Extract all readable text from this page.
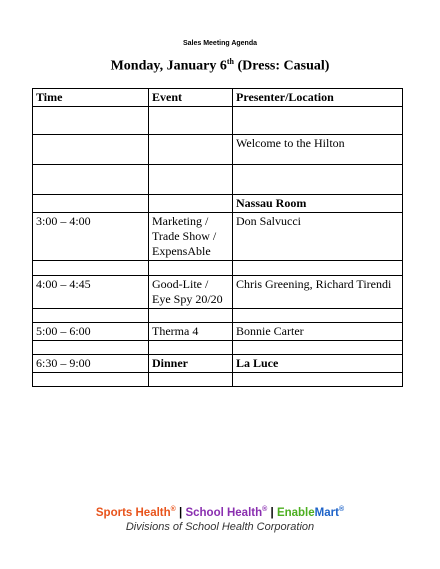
Sales Meeting Agenda
Monday, January 6th (Dress: Casual)
Time	Event	Presenter/Location

		Welcome to the Hilton

		Nassau Room
3:00 – 4:00	Marketing / Trade Show / ExpensAble	Don Salvucci

4:00 – 4:45	Good-Lite / Eye Spy 20/20	Chris Greening, Richard Tirendi

5:00 – 6:00	Therma 4	Bonnie Carter

6:30 – 9:00	Dinner	La Luce

Sports Health® | School Health® | EnableMart®
Divisions of School Health Corporation
